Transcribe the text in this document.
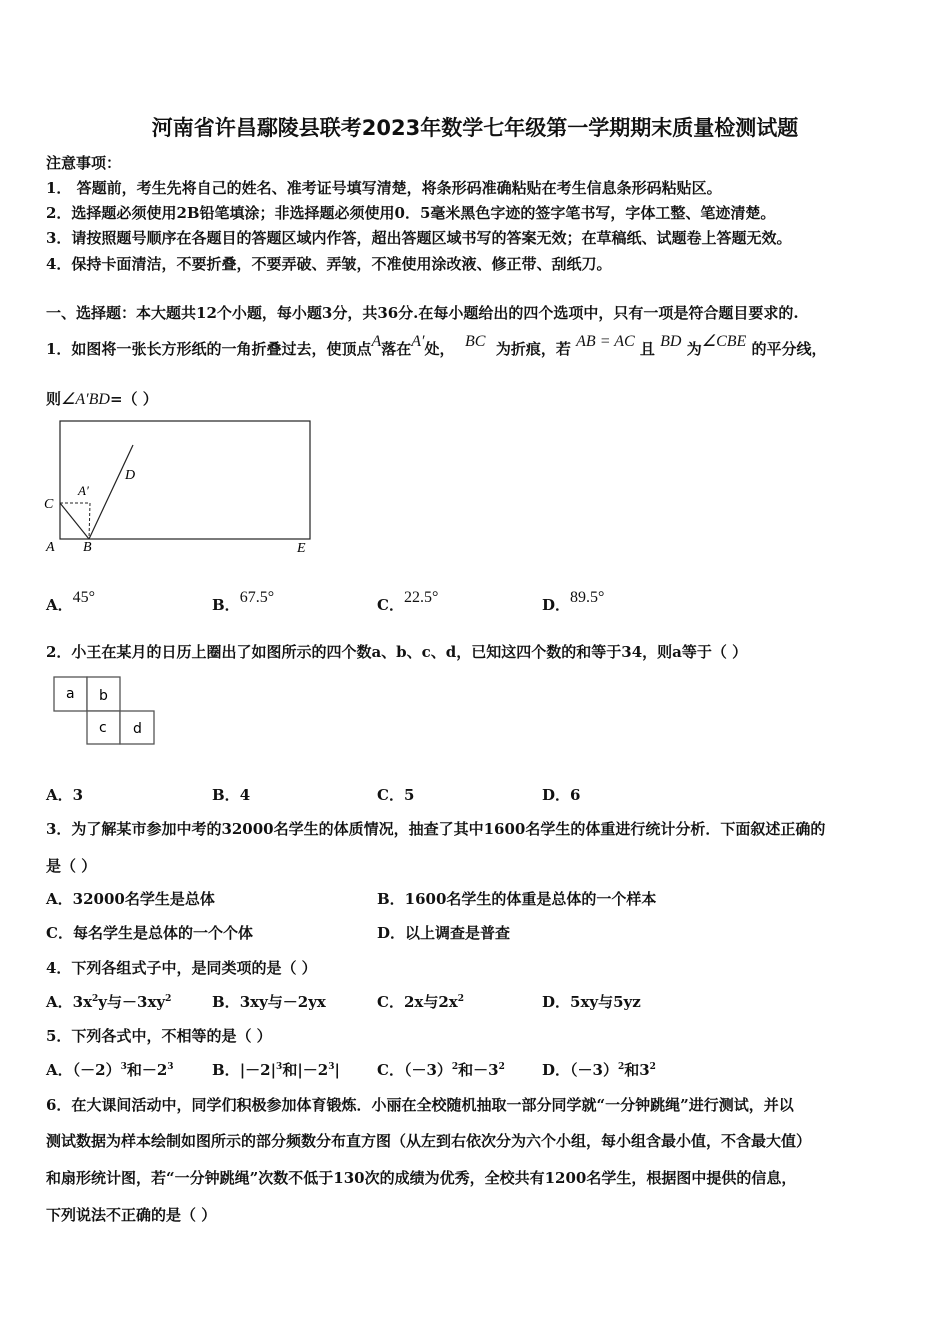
河南省许昌鄢陵县联考2023年数学七年级第一学期期末质量检测试题
注意事项：
1． 答题前，考生先将自己的姓名、准考证号填写清楚，将条形码准确粘贴在考生信息条形码粘贴区。
2．选择题必须使用2B铅笔填涂；非选择题必须使用0．5毫米黑色字迹的签字笔书写，字体工整、笔迹清楚。
3．请按照题号顺序在各题目的答题区域内作答，超出答题区域书写的答案无效；在草稿纸、试题卷上答题无效。
4．保持卡面清洁，不要折叠，不要弄破、弄皱，不准使用涂改液、修正带、刮纸刀。
一、选择题：本大题共12个小题，每小题3分，共36分.在每小题给出的四个选项中，只有一项是符合题目要求的.
1．如图将一张长方形纸的一角折叠过去，使顶点A落在A′处， BC 为折痕，若 AB = AC 且 BD 为∠CBE 的平分线，
则∠A′BD=（ ）
C
A′
D
A B	E
A．45°	B．67.5°	C．22.5°	D．89.5°
2．小王在某月的日历上圈出了如图所示的四个数a、b、c、d，已知这四个数的和等于34，则a等于（ ）
a b
c d
A．3	B．4	C．5	D．6
3．为了解某市参加中考的32000名学生的体质情况，抽查了其中1600名学生的体重进行统计分析．下面叙述正确的
是（ ）
A．32000名学生是总体	B．1600名学生的体重是总体的一个样本
C．每名学生是总体的一个个体	D．以上调查是普查
4．下列各组式子中，是同类项的是（ ）
A．$3x^2y$与$-3xy^2$	B．3xy与－2yx	C．2x与$2x^2$	D．5xy与5yz
5．下列各式中，不相等的是（ ）
A．$(-2)^3$和$-2^3$	B．$|-2|^3$和$|-2^3|$ C．$(-3)^2$和$-3^2$ D．$(-3)^2$和$3^2$
6．在大课间活动中，同学们积极参加体育锻炼．小丽在全校随机抽取一部分同学就“一分钟跳绳”进行测试，并以
测试数据为样本绘制如图所示的部分频数分布直方图（从左到右依次分为六个小组，每小组含最小值，不含最大值）
和扇形统计图，若“一分钟跳绳”次数不低于130次的成绩为优秀，全校共有1200名学生，根据图中提供的信息，
下列说法不正确的是（ ）
